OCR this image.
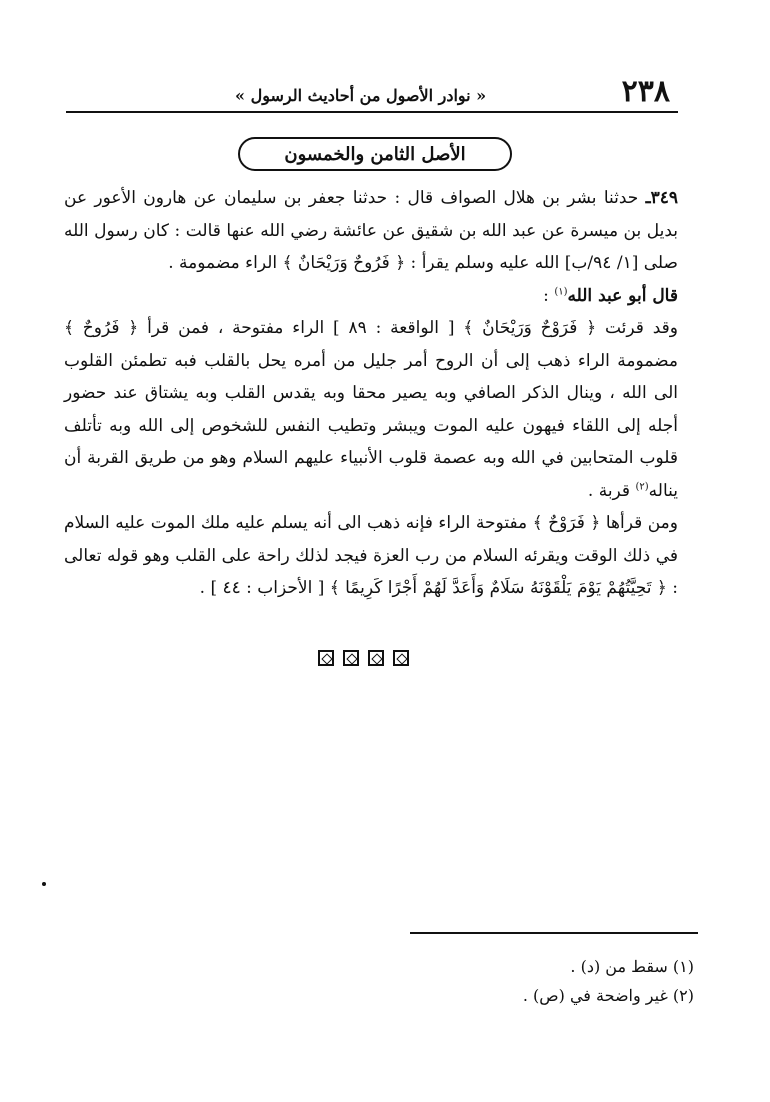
٢٣٨
« نوادر الأصول من أحاديث الرسول »
الأصل الثامن والخمسون

٣٤٩ـ حدثنا بشر بن هلال الصواف قال : حدثنا جعفر بن سليمان عن هارون الأعور عن بديل بن ميسرة عن عبد الله بن شقيق عن عائشة رضي الله عنها قالت : كان رسول الله صلى [١/ ٩٤/ب] الله عليه وسلم يقرأ : ﴿ فَرُوحٌ وَرَيْحَانٌ ﴾ الراء مضمومة .

قال أبو عبد الله$^{(١)}$ :

وقد قرئت ﴿ فَرَوْحٌ وَرَيْحَانٌ ﴾ [ الواقعة : ٨٩ ] الراء مفتوحة ، فمن قرأ ﴿ فَرُوحٌ ﴾ مضمومة الراء ذهب إلى أن الروح أمر جليل من أمره يحل بالقلب فبه تطمئن القلوب الى الله ، وينال الذكر الصافي وبه يصير محقا وبه يقدس القلب وبه يشتاق عند حضور أجله إلى اللقاء فيهون عليه الموت ويبشر وتطيب النفس للشخوص إلى الله وبه تأتلف قلوب المتحابين في الله وبه عصمة قلوب الأنبياء عليهم السلام وهو من طريق القربة أن يناله$^{(٢)}$ قربة .

ومن قرأها ﴿ فَرَوْحٌ ﴾ مفتوحة الراء فإنه ذهب الى أنه يسلم عليه ملك الموت عليه السلام في ذلك الوقت ويقرئه السلام من رب العزة فيجد لذلك راحة على القلب وهو قوله تعالى : ﴿ تَحِيَّتُهُمْ يَوْمَ يَلْقَوْنَهُ سَلَامٌ وَأَعَدَّ لَهُمْ أَجْرًا كَرِيمًا ﴾ [ الأحزاب : ٤٤ ] .

(١) سقط من (د) .
(٢) غير واضحة في (ص) .
